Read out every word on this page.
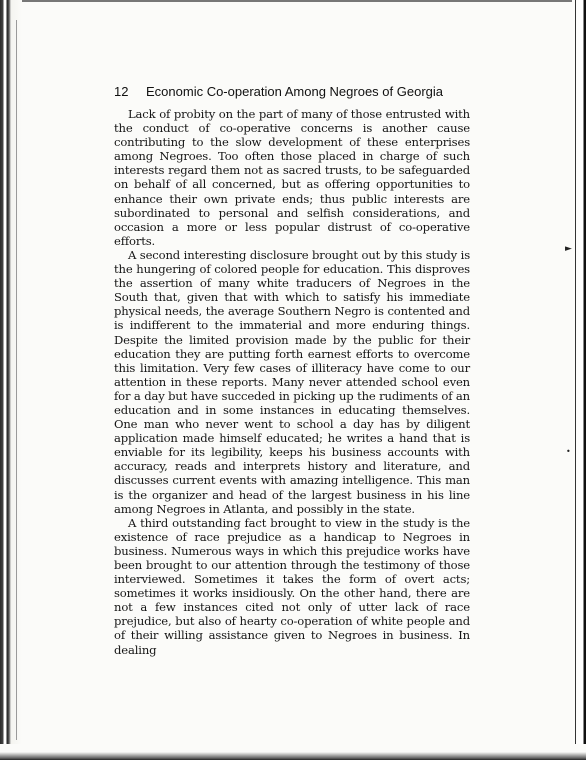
12 Economic Co-operation Among Negroes of Georgia

Lack of probity on the part of many of those entrusted with the conduct of co-operative concerns is another cause contributing to the slow development of these enterprises among Negroes. Too often those placed in charge of such interests regard them not as sacred trusts, to be safeguarded on behalf of all concerned, but as offering opportunities to enhance their own private ends; thus public interests are subordinated to personal and selfish considerations, and occasion a more or less popular distrust of co-operative efforts.

A second interesting disclosure brought out by this study is the hungering of colored people for education. This disproves the assertion of many white traducers of Negroes in the South that, given that with which to satisfy his immediate physical needs, the average Southern Negro is contented and is indifferent to the immaterial and more enduring things. Despite the limited provision made by the public for their education they are putting forth earnest efforts to overcome this limitation. Very few cases of illiteracy have come to our attention in these reports. Many never attended school even for a day but have succeded in picking up the rudiments of an education and in some instances in educating themselves. One man who never went to school a day has by diligent application made himself educated; he writes a hand that is enviable for its legibility, keeps his business accounts with accuracy, reads and interprets history and literature, and discusses current events with amazing intelligence. This man is the organizer and head of the largest business in his line among Negroes in Atlanta, and possibly in the state.

A third outstanding fact brought to view in the study is the existence of race prejudice as a handicap to Negroes in business. Numerous ways in which this prejudice works have been brought to our attention through the testimony of those interviewed. Sometimes it takes the form of overt acts; sometimes it works insidiously. On the other hand, there are not a few instances cited not only of utter lack of race prejudice, but also of hearty co-operation of white people and of their willing assistance given to Negroes in business. In dealing

►
•
